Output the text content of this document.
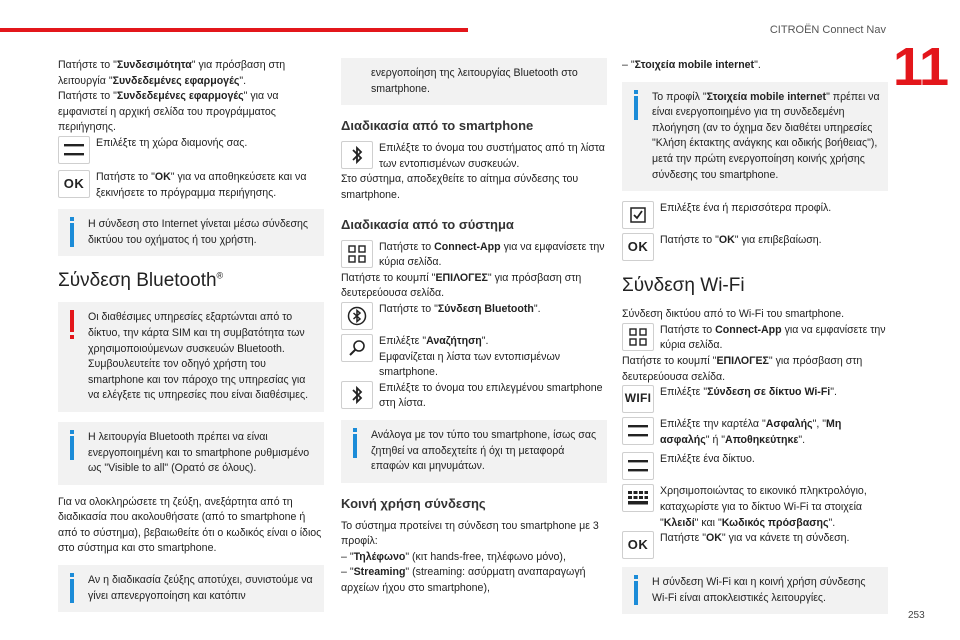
CITROËN Connect Nav
11
253

Πατήστε το "Συνδεσιμότητα" για πρόσβαση στη λειτουργία "Συνδεδεμένες εφαρμογές".

Πατήστε το "Συνδεδεμένες εφαρμογές" για να εμφανιστεί η αρχική σελίδα του προγράμματος περιήγησης.

Επιλέξτε τη χώρα διαμονής σας.
OK Πατήστε το "OK" για να αποθηκεύσετε και να ξεκινήσετε το πρόγραμμα περιήγησης.
Η σύνδεση στο Internet γίνεται μέσω σύνδεσης δικτύου του οχήματος ή του χρήστη.
Σύνδεση Bluetooth®
Οι διαθέσιμες υπηρεσίες εξαρτώνται από το δίκτυο, την κάρτα SIM και τη συμβατότητα των χρησιμοποιούμενων συσκευών Bluetooth. Συμβουλευτείτε τον οδηγό χρήστη του smartphone και τον πάροχο της υπηρεσίας για να ελέγξετε τις υπηρεσίες που είναι διαθέσιμες.
Η λειτουργία Bluetooth πρέπει να είναι ενεργοποιημένη και το smartphone ρυθμισμένο ως "Visible to all" (Ορατό σε όλους).

Για να ολοκληρώσετε τη ζεύξη, ανεξάρτητα από τη διαδικασία που ακολουθήσατε (από το smartphone ή από το σύστημα), βεβαιωθείτε ότι ο κωδικός είναι ο ίδιος στο σύστημα και στο smartphone.

Αν η διαδικασία ζεύξης αποτύχει, συνιστούμε να γίνει απενεργοποίηση και κατόπιν
ενεργοποίηση της λειτουργίας Bluetooth στο smartphone.
Διαδικασία από το smartphone
Επιλέξτε το όνομα του συστήματος από τη λίστα των εντοπισμένων συσκευών.

Στο σύστημα, αποδεχθείτε το αίτημα σύνδεσης του smartphone.

Διαδικασία από το σύστημα
Πατήστε το Connect-App για να εμφανίσετε την κύρια σελίδα.

Πατήστε το κουμπί "ΕΠΙΛΟΓΕΣ" για πρόσβαση στη δευτερεύουσα σελίδα.

Πατήστε το "Σύνδεση Bluetooth".
Επιλέξτε "Αναζήτηση".
Εμφανίζεται η λίστα των εντοπισμένων smartphone.
Επιλέξτε το όνομα του επιλεγμένου smartphone στη λίστα.
Ανάλογα με τον τύπο του smartphone, ίσως σας ζητηθεί να αποδεχτείτε ή όχι τη μεταφορά επαφών και μηνυμάτων.
Κοινή χρήση σύνδεσης

Το σύστημα προτείνει τη σύνδεση του smartphone με 3 προφίλ:

– "Τηλέφωνο" (κιτ hands-free, τηλέφωνο μόνο),

– "Streaming" (streaming: ασύρματη αναπαραγωγή αρχείων ήχου στο smartphone),

– "Στοιχεία mobile internet".

Το προφίλ "Στοιχεία mobile internet" πρέπει να είναι ενεργοποιημένο για τη συνδεδεμένη πλοήγηση (αν το όχημα δεν διαθέτει υπηρεσίες "Κλήση έκτακτης ανάγκης και οδικής βοήθειας"), μετά την πρώτη ενεργοποίηση κοινής χρήσης σύνδεσης του smartphone.
Επιλέξτε ένα ή περισσότερα προφίλ.
OK Πατήστε το "OK" για επιβεβαίωση.
Σύνδεση Wi-Fi

Σύνδεση δικτύου από το Wi-Fi του smartphone.

Πατήστε το Connect-App για να εμφανίσετε την κύρια σελίδα.

Πατήστε το κουμπί "ΕΠΙΛΟΓΕΣ" για πρόσβαση στη δευτερεύουσα σελίδα.

WIFI Επιλέξτε "Σύνδεση σε δίκτυο Wi-Fi".
Επιλέξτε την καρτέλα "Ασφαλής", "Μη ασφαλής" ή "Αποθηκεύτηκε".
Επιλέξτε ένα δίκτυο.
Χρησιμοποιώντας το εικονικό πληκτρολόγιο, καταχωρίστε για το δίκτυο Wi-Fi τα στοιχεία "Κλειδί" και "Κωδικός πρόσβασης".
OK Πατήστε "OK" για να κάνετε τη σύνδεση.
Η σύνδεση Wi-Fi και η κοινή χρήση σύνδεσης Wi-Fi είναι αποκλειστικές λειτουργίες.
